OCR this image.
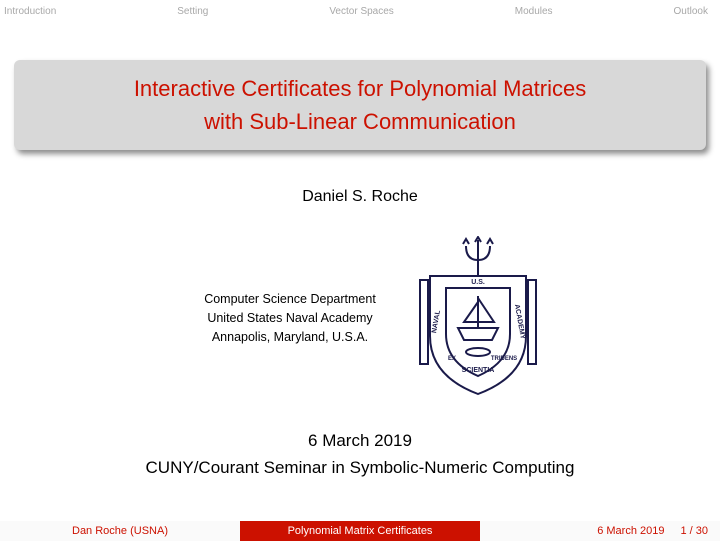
Introduction	Setting	Vector Spaces	Modules	Outlook
Interactive Certificates for Polynomial Matrices
with Sub-Linear Communication
Daniel S. Roche
Computer Science Department
United States Naval Academy
Annapolis, Maryland, U.S.A.
U.S.
NAVAL	ACADEMY
EX	TRIDENS
SCIENTIA
6 March 2019
CUNY/Courant Seminar in Symbolic-Numeric Computing
Dan Roche (USNA)	Polynomial Matrix Certificates	6 March 2019 1 / 30
